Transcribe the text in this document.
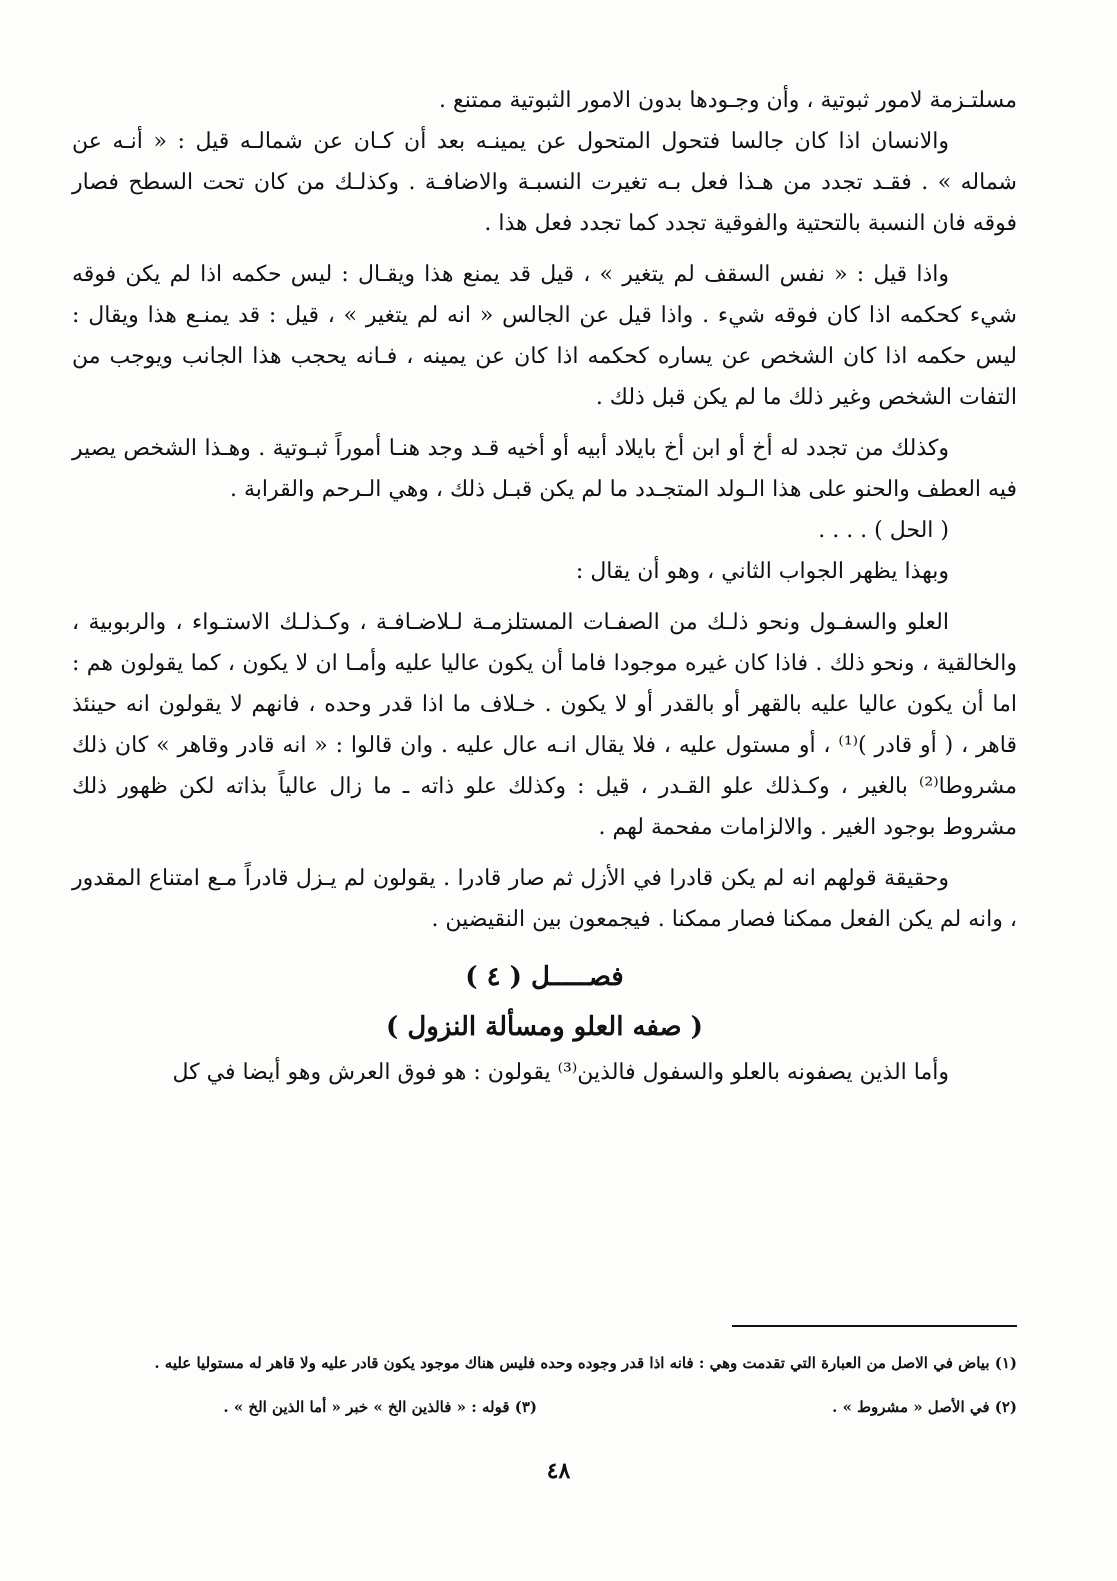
مسلتـزمة لامور ثبوتية ، وأن وجـودها بدون الامور الثبوتية ممتنع .

والانسان اذا كان جالسا فتحول المتحول عن يمينـه بعد أن كـان عن شمالـه قيل : « أنـه عن شماله » . فقـد تجدد من هـذا فعل بـه تغيرت النسبـة والاضافـة . وكذلـك من كان تحت السطح فصار فوقه فان النسبة بالتحتية والفوقية تجدد كما تجدد فعل هذا .

واذا قيل : « نفس السقف لم يتغير » ، قيل قد يمنع هذا ويقـال : ليس حكمه اذا لم يكن فوقه شيء كحكمه اذا كان فوقه شيء . واذا قيل عن الجالس « انه لم يتغير » ، قيل : قد يمنـع هذا ويقال : ليس حكمه اذا كان الشخص عن يساره كحكمه اذا كان عن يمينه ، فـانه يحجب هذا الجانب ويوجب من التفات الشخص وغير ذلك ما لم يكن قبل ذلك .

وكذلك من تجدد له أخ أو ابن أخ بايلاد أبيه أو أخيه قـد وجد هنـا أموراً ثبـوتية . وهـذا الشخص يصير فيه العطف والحنو على هذا الـولد المتجـدد ما لم يكن قبـل ذلك ، وهي الـرحم والقرابة .

( الحل ) . . . .

وبهذا يظهر الجواب الثاني ، وهو أن يقال :

العلو والسفـول ونحو ذلـك من الصفـات المستلزمـة لـلاضـافـة ، وكـذلـك الاستـواء ، والربوبية ، والخالقية ، ونحو ذلك . فاذا كان غيره موجودا فاما أن يكون عاليا عليه وأمـا ان لا يكون ، كما يقولون هم : اما أن يكون عاليا عليه بالقهر أو بالقدر أو لا يكون . خـلاف ما اذا قدر وحده ، فانهم لا يقولون انه حينئذ قاهر ، ( أو قادر )⁽¹⁾ ، أو مستول عليه ، فلا يقال انـه عال عليه . وان قالوا : « انه قادر وقاهر » كان ذلك مشروطا⁽²⁾ بالغير ، وكـذلك علو القـدر ، قيل : وكذلك علو ذاته ـ ما زال عالياً بذاته لكن ظهور ذلك مشروط بوجود الغير . والالزامات مفحمة لهم .

وحقيقة قولهم انه لم يكن قادرا في الأزل ثم صار قادرا . يقولون لم يـزل قادراً مـع امتناع المقدور ، وانه لم يكن الفعل ممكنا فصار ممكنا . فيجمعون بين النقيضين .

فصـــــل ( ٤ )
( صفه العلو ومسألة النزول )

وأما الذين يصفونه بالعلو والسفول فالذين⁽³⁾ يقولون : هو فوق العرش وهو أيضا في كل

(١) بياض في الاصل من العبارة التي تقدمت وهي : فانه اذا قدر وجوده وحده فليس هناك موجود يكون قادر عليه ولا قاهر له مستوليا عليه .
(٢) في الأصل « مشروط » .
(٣) قوله : « فالذين الخ » خبر « أما الذين الخ » .
٤٨
